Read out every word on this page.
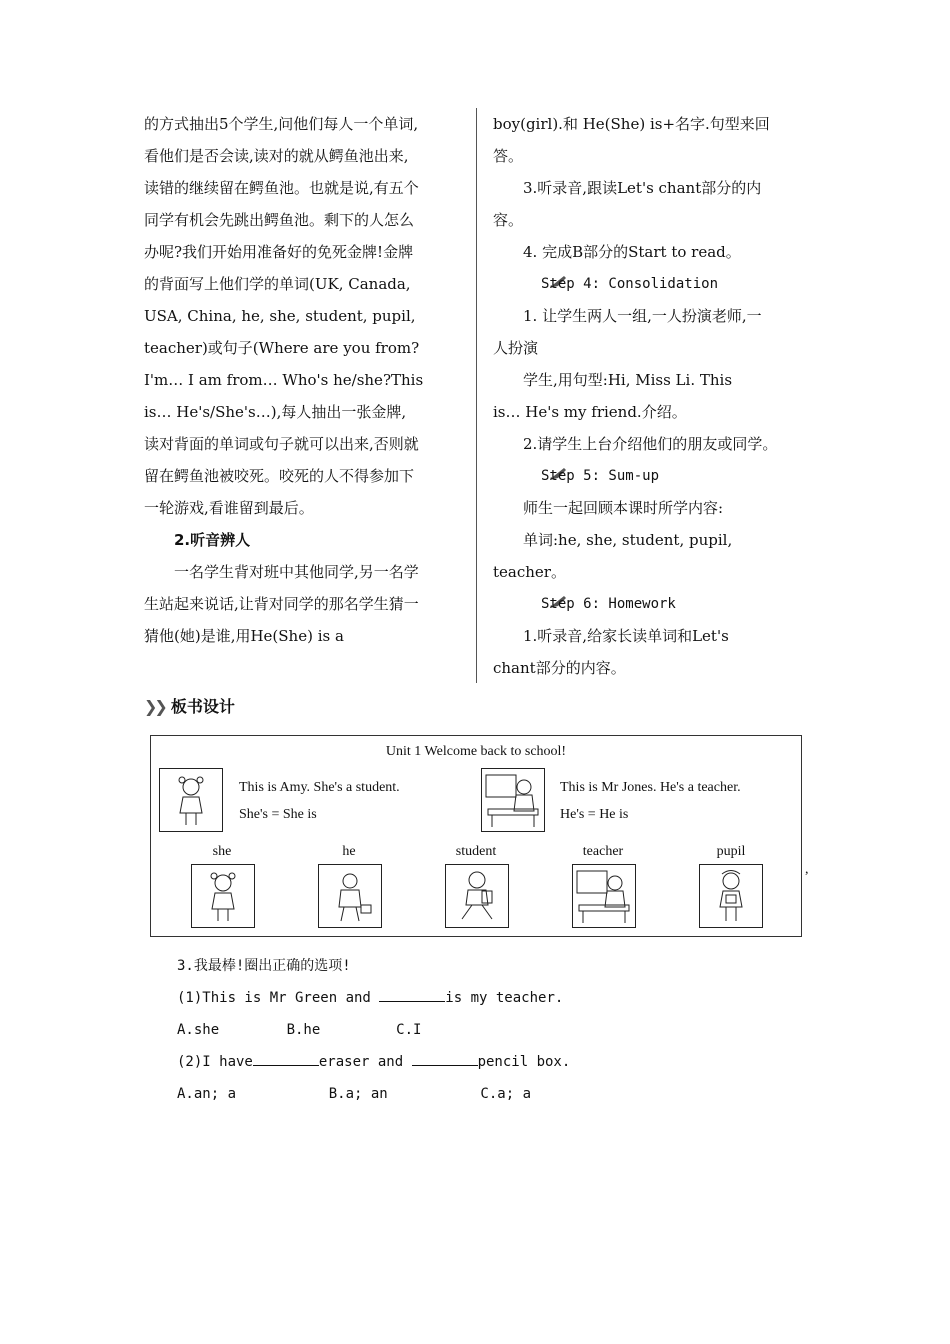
的方式抽出5个学生,问他们每人一个单词,

看他们是否会读,读对的就从鳄鱼池出来,

读错的继续留在鳄鱼池。也就是说,有五个

同学有机会先跳出鳄鱼池。剩下的人怎么

办呢?我们开始用准备好的免死金牌!金牌

的背面写上他们学的单词(UK, Canada,

USA, China, he, she, student, pupil,

teacher)或句子(Where are you from?

I'm… I am from… Who's he/she?This

is… He's/She's…),每人抽出一张金牌,

读对背面的单词或句子就可以出来,否则就

留在鳄鱼池被咬死。咬死的人不得参加下

一轮游戏,看谁留到最后。

2.听音辨人

一名学生背对班中其他同学,另一名学

生站起来说话,让背对同学的那名学生猜一

猜他(她)是谁,用He(She) is a

boy(girl).和 He(She) is+名字.句型来回

答。

3.听录音,跟读Let's chant部分的内

容。

4. 完成B部分的Start to read。

Step 4: Consolidation

1. 让学生两人一组,一人扮演老师,一

人扮演

学生,用句型:Hi, Miss Li. This

is… He's my friend.介绍。

2.请学生上台介绍他们的朋友或同学。

Step 5: Sum-up

师生一起回顾本课时所学内容:

单词:he, she, student, pupil,

teacher。

Step 6: Homework

1.听录音,给家长读单词和Let's

chant部分的内容。

❯❯ 板书设计
Unit 1 Welcome back to school!
This is Amy. She's a student.
She's = She is
This is Mr Jones. He's a teacher.
He's = He is
she	he	student	teacher	pupil
,

3.我最棒!圈出正确的选项!

(1)This is Mr Green and	is my teacher.

A.she        B.he         C.I

(2)I have	eraser and	pencil box.

A.an; a           B.a; an           C.a; a
